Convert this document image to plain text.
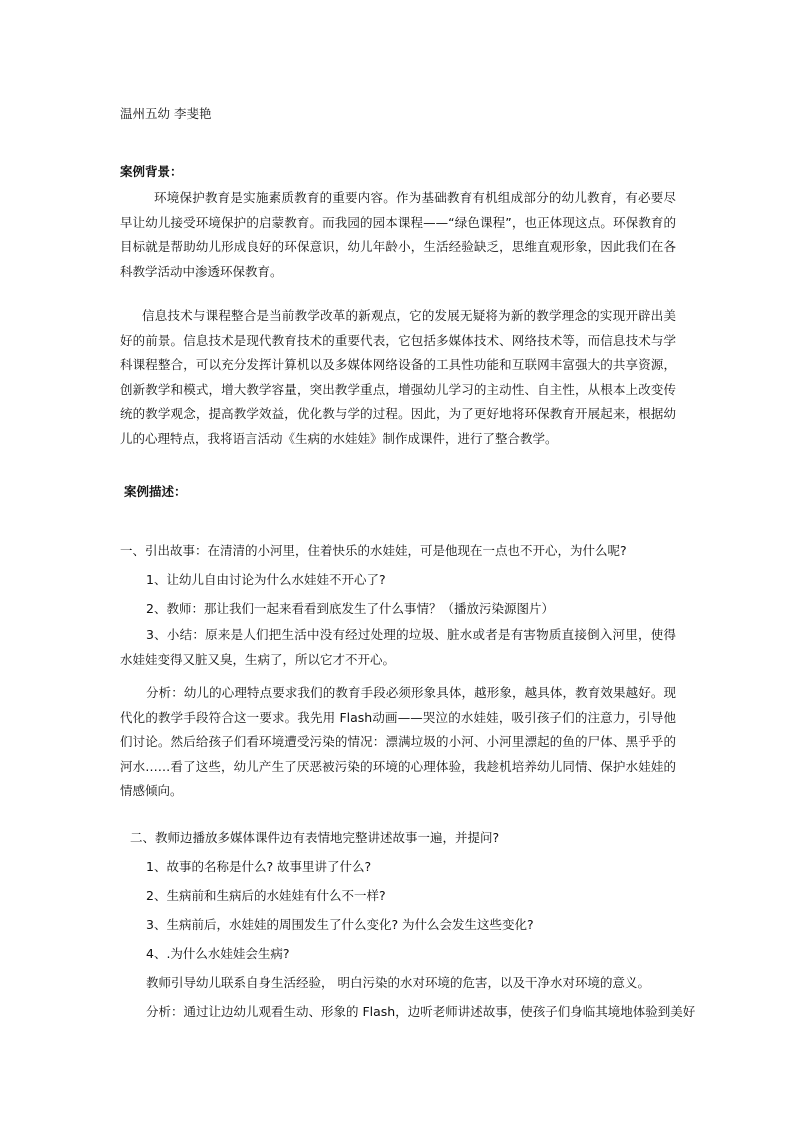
温州五幼 李斐艳
案例背景：

环境保护教育是实施素质教育的重要内容。作为基础教育有机组成部分的幼儿教育，有必要尽早让幼儿接受环境保护的启蒙教育。而我园的园本课程——“绿色课程”，也正体现这点。环保教育的目标就是帮助幼儿形成良好的环保意识，幼儿年龄小，生活经验缺乏，思维直观形象，因此我们在各科教学活动中渗透环保教育。

信息技术与课程整合是当前教学改革的新观点，它的发展无疑将为新的教学理念的实现开辟出美好的前景。信息技术是现代教育技术的重要代表，它包括多媒体技术、网络技术等，而信息技术与学科课程整合，可以充分发挥计算机以及多媒体网络设备的工具性功能和互联网丰富强大的共享资源，创新教学和模式，增大教学容量，突出教学重点，增强幼儿学习的主动性、自主性，从根本上改变传统的教学观念，提高教学效益，优化教与学的过程。因此，为了更好地将环保教育开展起来，根据幼儿的心理特点，我将语言活动《生病的水娃娃》制作成课件，进行了整合教学。

案例描述：

一、引出故事：在清清的小河里，住着快乐的水娃娃，可是他现在一点也不开心，为什么呢?

1、让幼儿自由讨论为什么水娃娃不开心了?

2、教师：那让我们一起来看看到底发生了什么事情？（播放污染源图片）

3、小结：原来是人们把生活中没有经过处理的垃圾、脏水或者是有害物质直接倒入河里，使得水娃娃变得又脏又臭，生病了，所以它才不开心。

分析：幼儿的心理特点要求我们的教育手段必须形象具体，越形象，越具体，教育效果越好。现代化的教学手段符合这一要求。我先用 Flash动画——哭泣的水娃娃，吸引孩子们的注意力，引导他们讨论。然后给孩子们看环境遭受污染的情况：漂满垃圾的小河、小河里漂起的鱼的尸体、黑乎乎的河水……看了这些，幼儿产生了厌恶被污染的环境的心理体验，我趁机培养幼儿同情、保护水娃娃的情感倾向。

二、教师边播放多媒体课件边有表情地完整讲述故事一遍，并提问?

1、故事的名称是什么? 故事里讲了什么?

2、生病前和生病后的水娃娃有什么不一样?

3、生病前后，水娃娃的周围发生了什么变化? 为什么会发生这些变化?

4、.为什么水娃娃会生病?

教师引导幼儿联系自身生活经验， 明白污染的水对环境的危害，以及干净水对环境的意义。

分析：通过让边幼儿观看生动、形象的 Flash，边听老师讲述故事，使孩子们身临其境地体验到美好
